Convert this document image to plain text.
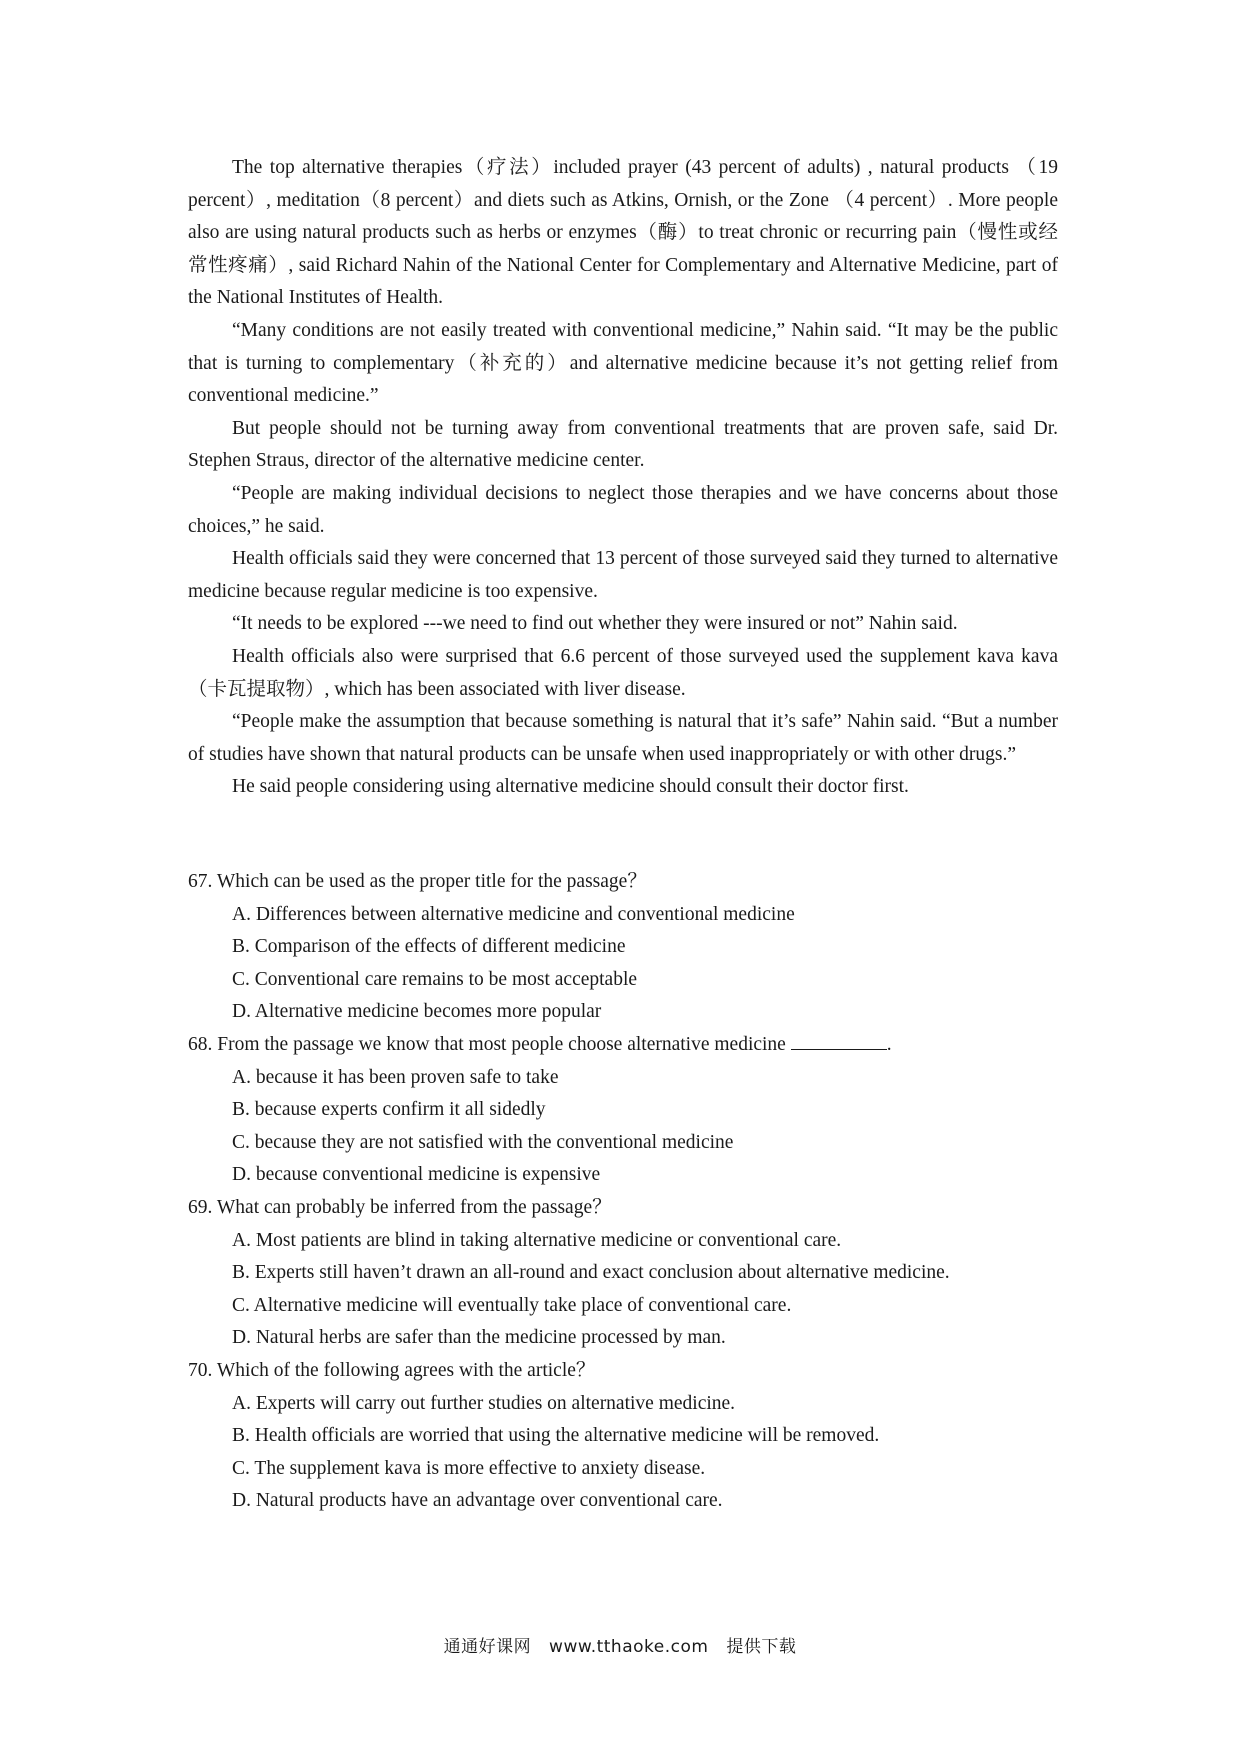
The top alternative therapies（疗法）included prayer (43 percent of adults) , natural products （19 percent）, meditation（8 percent）and diets such as Atkins, Ornish, or the Zone （4 percent）. More people also are using natural products such as herbs or enzymes（酶）to treat chronic or recurring pain（慢性或经常性疼痛）, said Richard Nahin of the National Center for Complementary and Alternative Medicine, part of the National Institutes of Health.

“Many conditions are not easily treated with conventional medicine,” Nahin said. “It may be the public that is turning to complementary（补充的）and alternative medicine because it’s not getting relief from conventional medicine.”

But people should not be turning away from conventional treatments that are proven safe, said Dr. Stephen Straus, director of the alternative medicine center.

“People are making individual decisions to neglect those therapies and we have concerns about those choices,” he said.

Health officials said they were concerned that 13 percent of those surveyed said they turned to alternative medicine because regular medicine is too expensive.

“It needs to be explored ---we need to find out whether they were insured or not” Nahin said.

Health officials also were surprised that 6.6 percent of those surveyed used the supplement kava kava（卡瓦提取物）, which has been associated with liver disease.

“People make the assumption that because something is natural that it’s safe” Nahin said. “But a number of studies have shown that natural products can be unsafe when used inappropriately or with other drugs.”

He said people considering using alternative medicine should consult their doctor first.

67. Which can be used as the proper title for the passage？

A. Differences between alternative medicine and conventional medicine

B. Comparison of the effects of different medicine

C. Conventional care remains to be most acceptable

D. Alternative medicine becomes more popular

68. From the passage we know that most people choose alternative medicine	.

A. because it has been proven safe to take

B. because experts confirm it all sidedly

C. because they are not satisfied with the conventional medicine

D. because conventional medicine is expensive

69. What can probably be inferred from the passage？

A. Most patients are blind in taking alternative medicine or conventional care.

B. Experts still haven’t drawn an all-round and exact conclusion about alternative medicine.

C. Alternative medicine will eventually take place of conventional care.

D. Natural herbs are safer than the medicine processed by man.

70. Which of the following agrees with the article？

A. Experts will carry out further studies on alternative medicine.

B. Health officials are worried that using the alternative medicine will be removed.

C. The supplement kava is more effective to anxiety disease.

D. Natural products have an advantage over conventional care.

通通好课网 www.tthaoke.com 提供下载
